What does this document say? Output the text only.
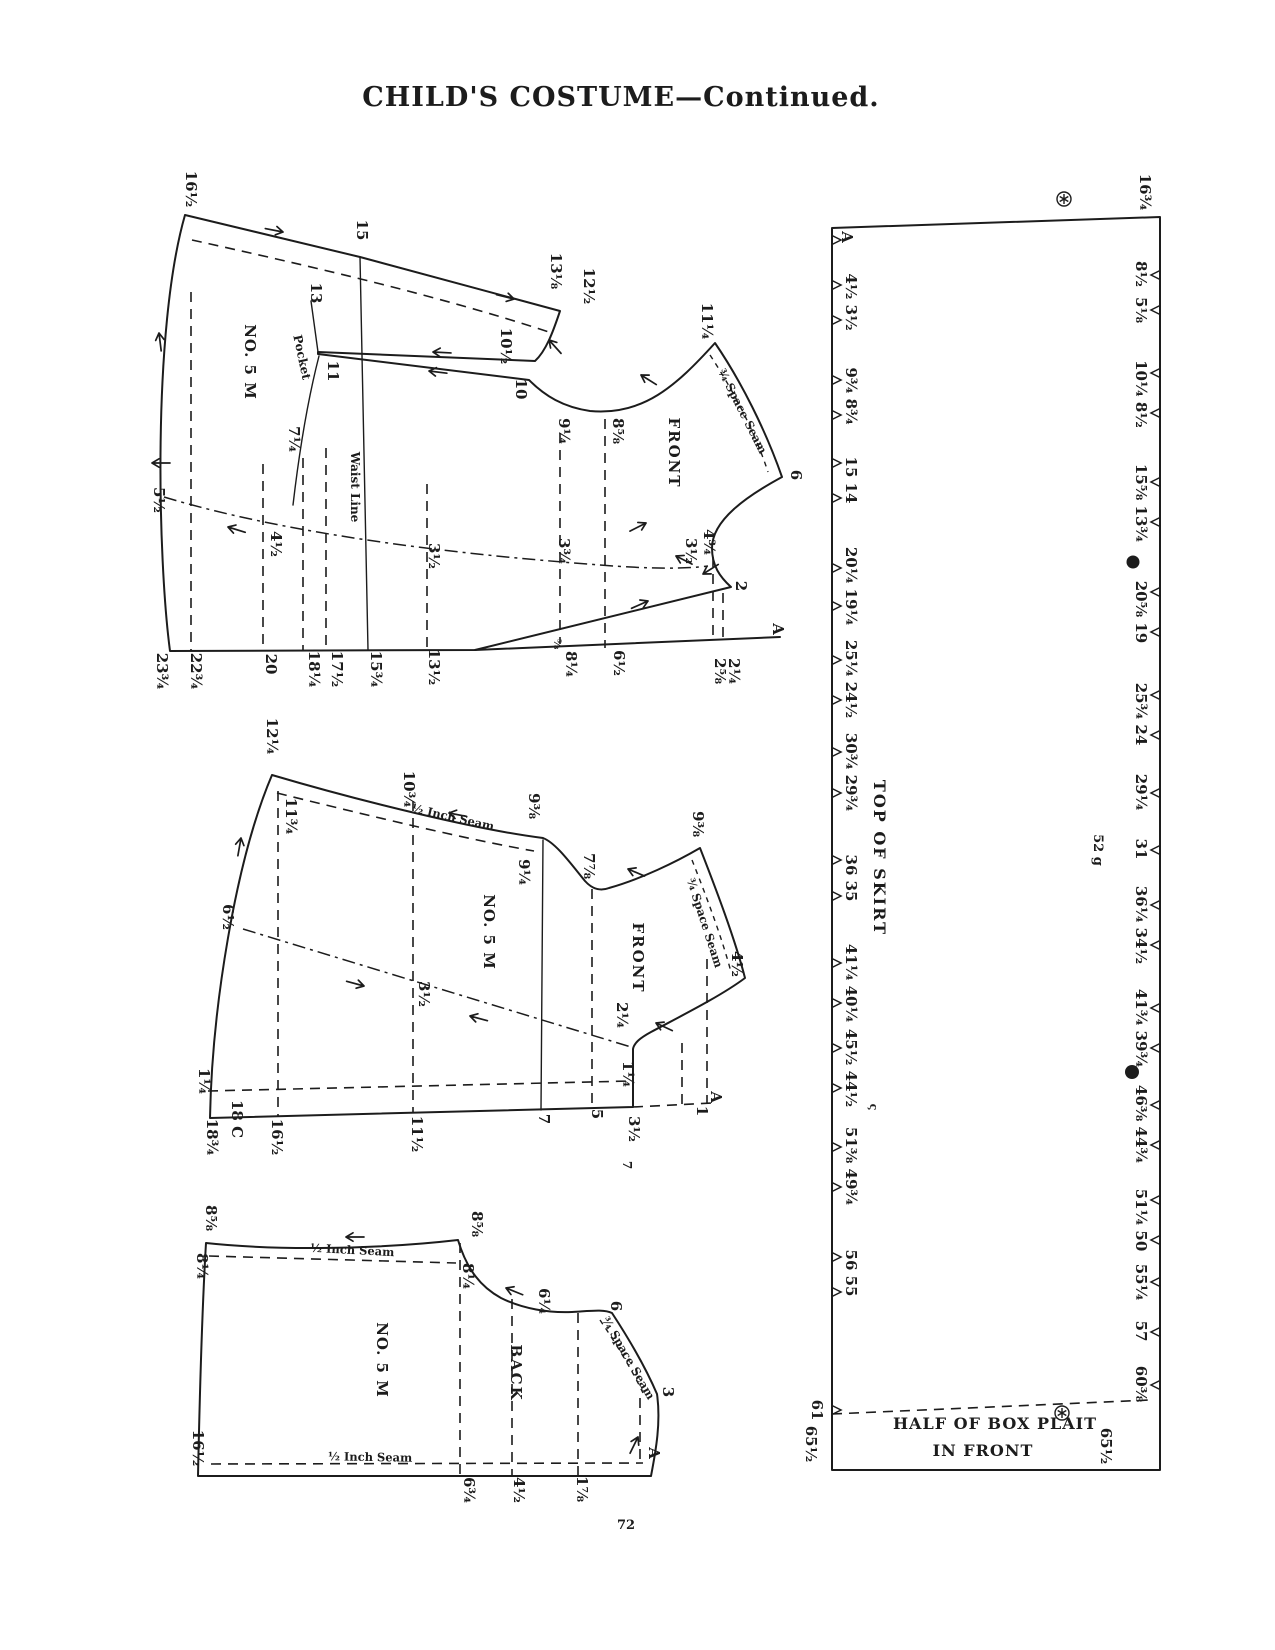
CHILD'S COSTUME—Continued.
16½
15
NO. 5 M
13
11
Pocket
13⅛ 12½
10½
10
9¼ 8⅝
11¼
¾ Space Seam
6
FRONT
4¾
3½
2
5½
4½
7¼
Waist Line
3½	3¾
23¾ 22¾	20 18¼ 17½ 15¾	13½
⅝
8¼ 6½	2⅝
2¼
A
12¼
11¾
10¾
½ Inch Seam 9⅜
9¼	7⅞
9⅜
¾ Space Seam
NO. 5 M	FRONT
6½
3½
4½
2¼
1¼
1¼
18¾ 18 C 16½	11½	7 5
3½
1
A
8⅝
8¼
½ Inch Seam
8⅝
8¼
6¼	6
7
¾ Space Seam
BACK
NO. 5 M	3
½ Inch Seam	A
16½
6¾ 4½	1⅞
A
4½ 3½
9¾ 8¾
15 14
20¼ 19¼
25¼ 24½
30¾ 29¾
36 35
41¼ 40¼
45½ 44½ ς
51⅜ 49¾
56 55
61
65½
TOP OF SKIRT	52 g
HALF OF BOX PLAIT
IN FRONT
16¾
8½
5⅛
10¼ 8½
15⅝ 13¾
20⅝ 19
25¾ 24
29¼
31
36¼ 34½
41¾ 39¾
46⅜ 44¾
51¼ 50
55¼
57
60⅜
65½
72
